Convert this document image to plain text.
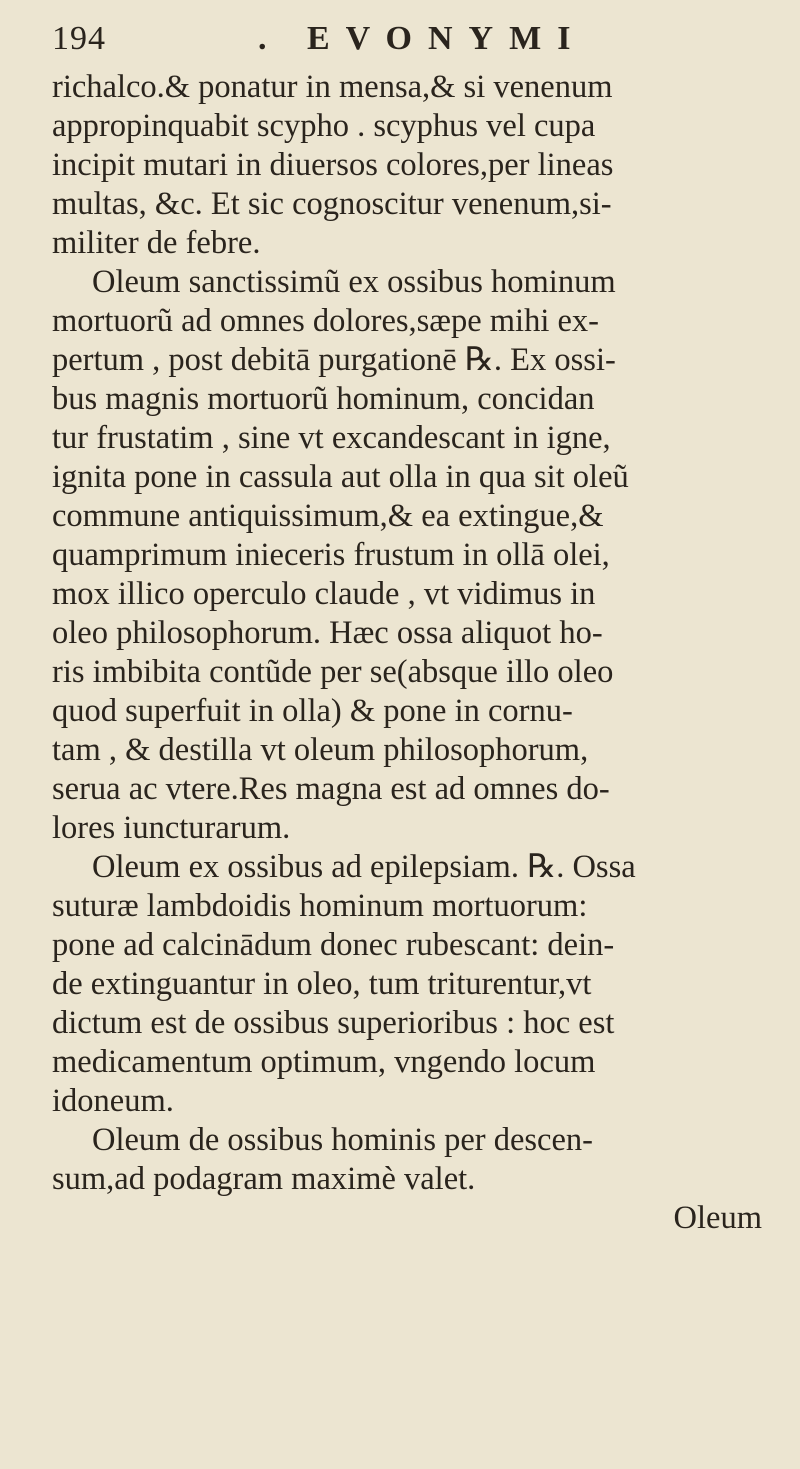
194	. EVONYMI
richalco.& ponatur in mensa,& si venenum
appropinquabit scypho . scyphus vel cupa
incipit mutari in diuersos colores,per lineas
multas, &c. Et sic cognoscitur venenum,si-
militer de febre.
Oleum sanctissimũ ex ossibus hominum
mortuorũ ad omnes dolores,sæpe mihi ex-
pertum , post debitā purgationē ℞. Ex ossi-
bus magnis mortuorũ hominum, concidan
tur frustatim , sine vt excandescant in igne,
ignita pone in cassula aut olla in qua sit oleũ
commune antiquissimum,& ea extingue,&
quamprimum inieceris frustum in ollā olei,
mox illico operculo claude , vt vidimus in
oleo philosophorum. Hæc ossa aliquot ho-
ris imbibita contũde per se(absque illo oleo
quod superfuit in olla) & pone in cornu-
tam , & destilla vt oleum philosophorum,
serua ac vtere.Res magna est ad omnes do-
lores iuncturarum.
Oleum ex ossibus ad epilepsiam. ℞. Ossa
suturæ lambdoidis hominum mortuorum:
pone ad calcinādum donec rubescant: dein-
de extinguantur in oleo, tum triturentur,vt
dictum est de ossibus superioribus : hoc est
medicamentum optimum, vngendo locum
idoneum.
Oleum de ossibus hominis per descen-
sum,ad podagram maximè valet.
Oleum
